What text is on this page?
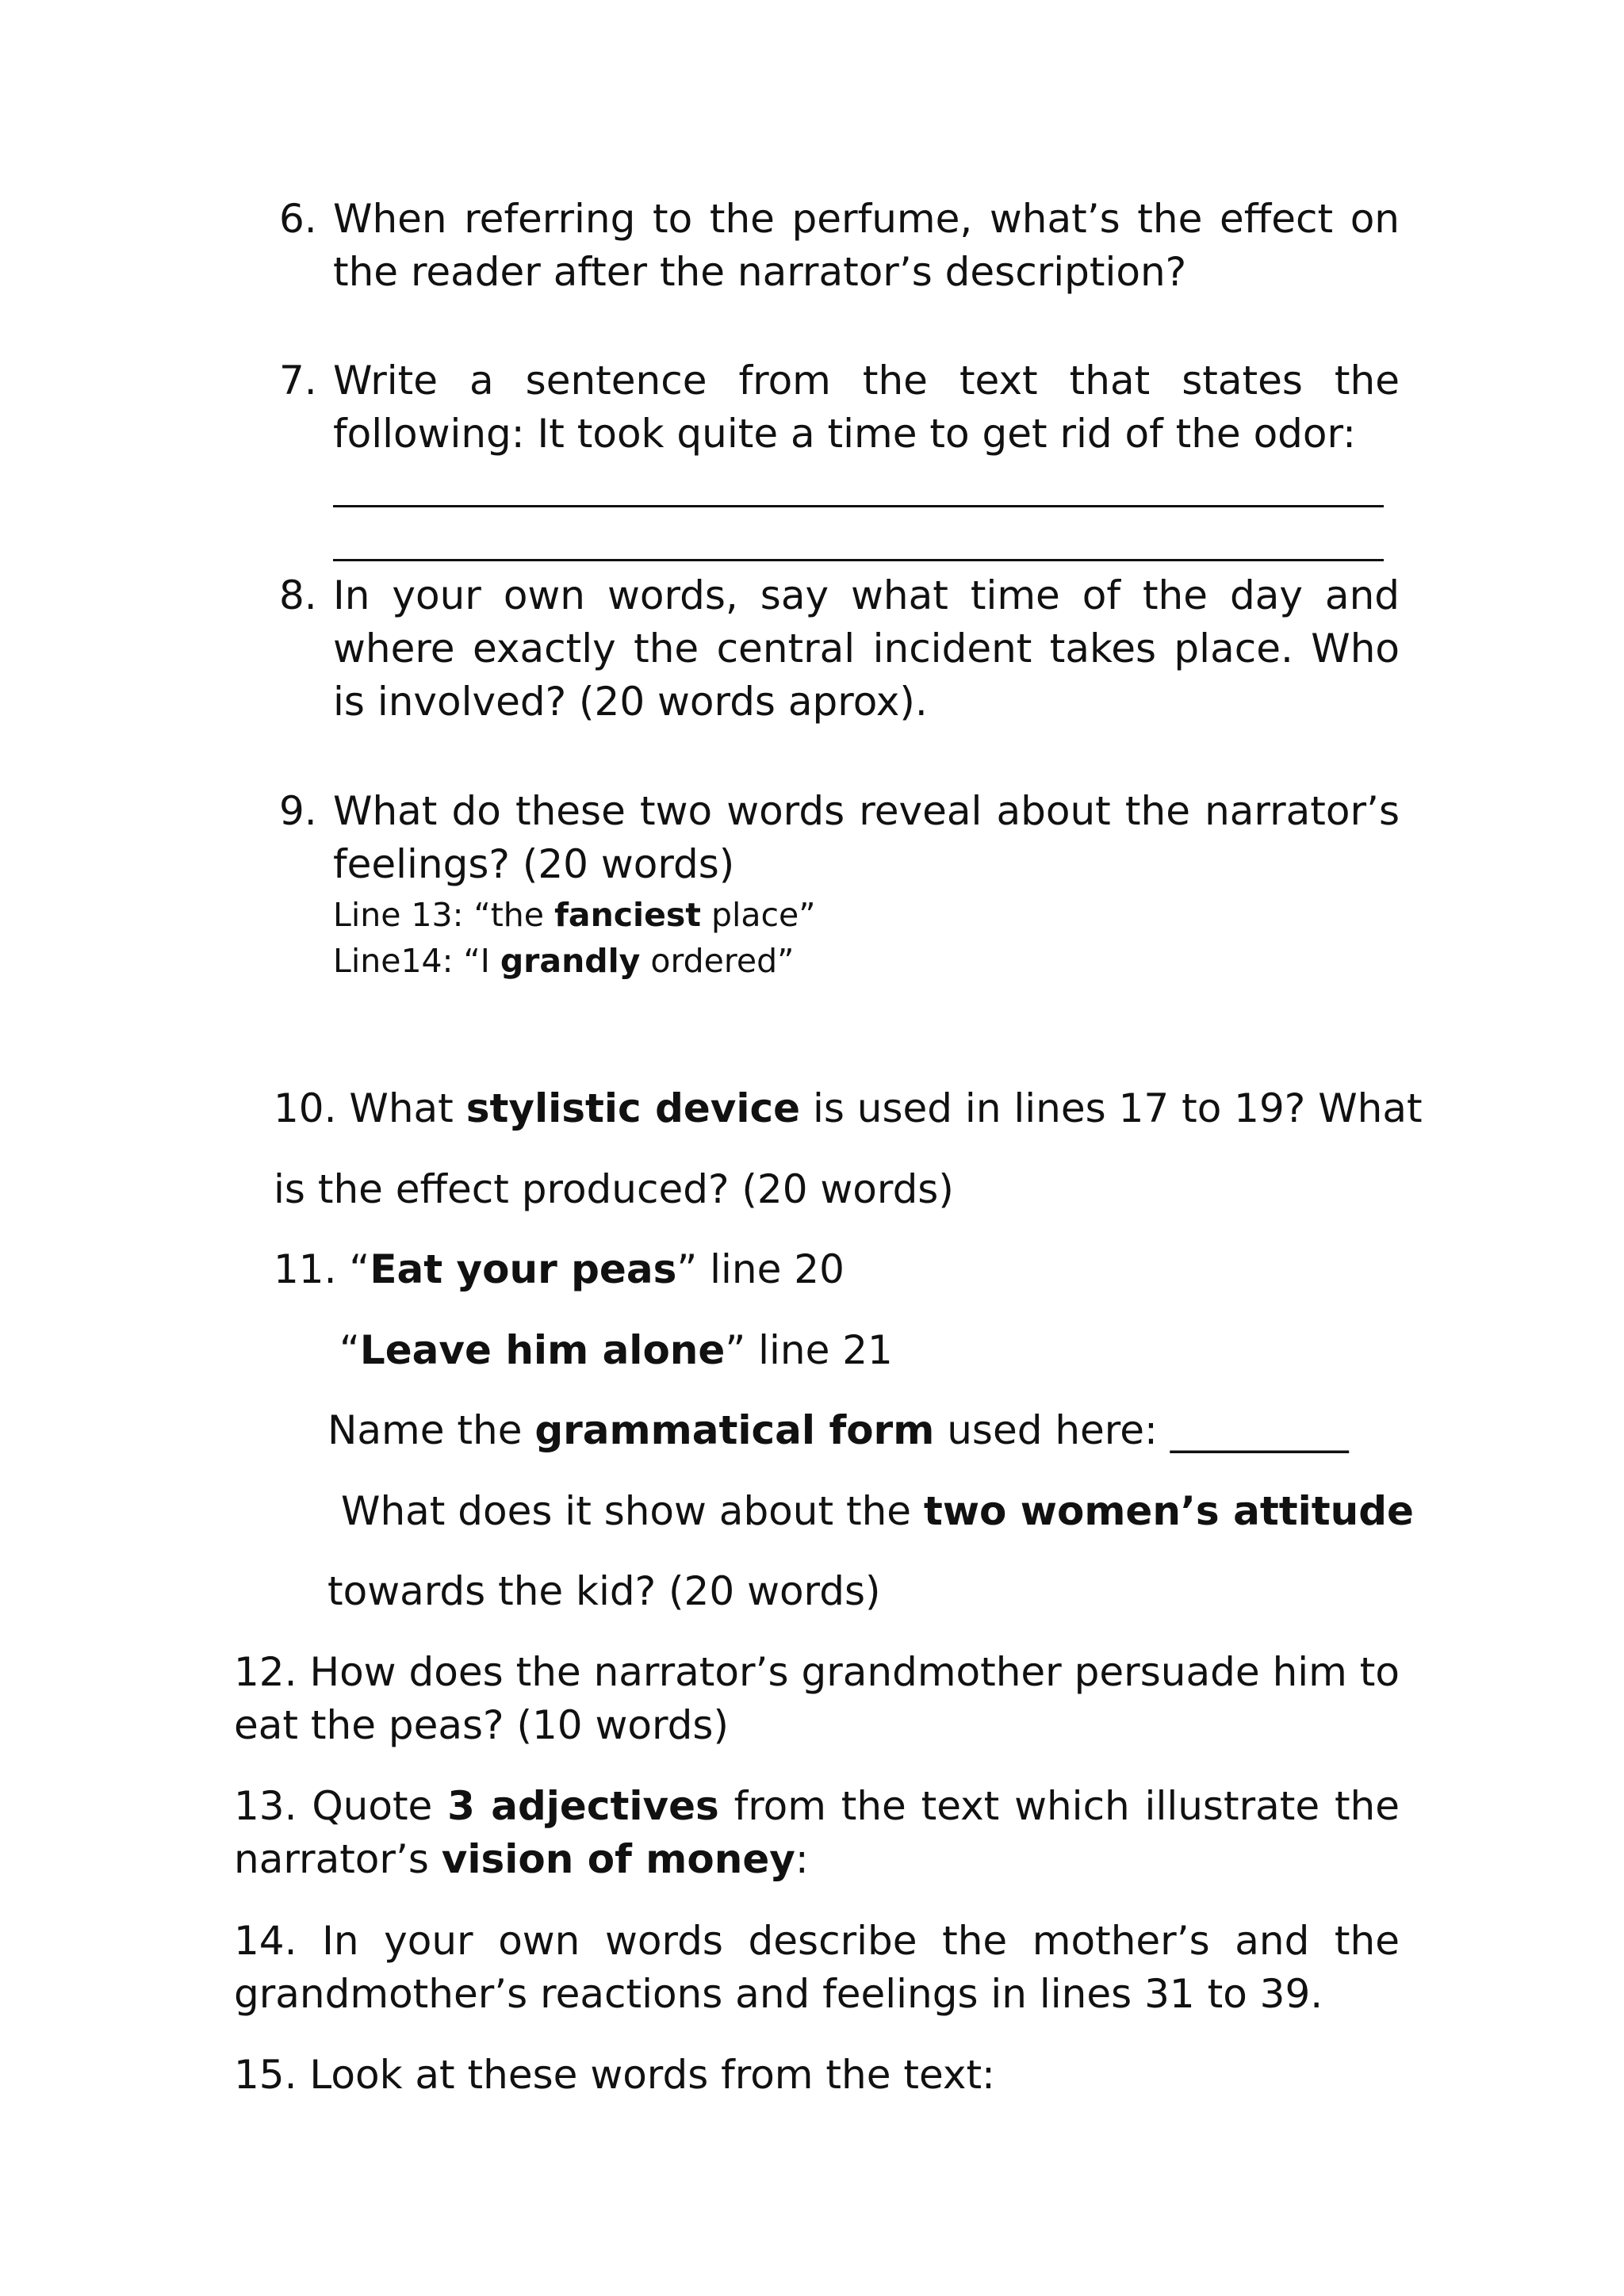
6. When referring to the perfume, what’s the effect on the reader after the narrator’s description?

7. Write a sentence from the text that states the following: It took quite a time to get rid of the odor:

8. In your own words, say what time of the day and where exactly the central incident takes place. Who is involved? (20 words aprox).

9. What do these two words reveal about the narrator’s feelings? (20 words)

Line 13: “the fanciest place”
Line14: “I grandly ordered”
10. What stylistic device is used in lines 17 to 19? What
is the effect produced? (20 words)
11. “Eat your peas” line 20
“Leave him alone” line 21
Name the grammatical form used here: _________
What does it show about the two women’s attitude
towards the kid? (20 words)

12. How does the narrator’s grandmother persuade him to eat the peas? (10 words)

13. Quote 3 adjectives from the text which illustrate the narrator’s vision of money:

14. In your own words describe the mother’s and the grandmother’s reactions and feelings in lines 31 to 39.

15. Look at these words from the text:
